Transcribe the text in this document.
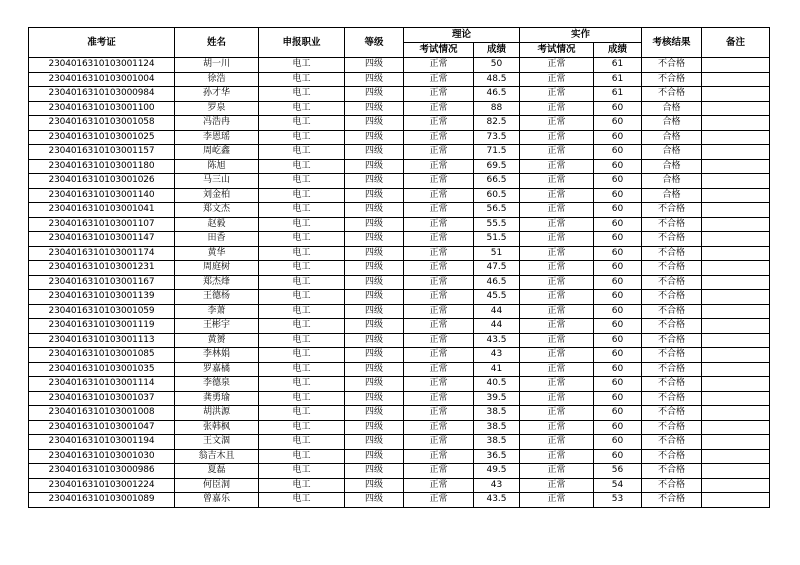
准考证	姓名	申报职业	等级	理论		实作		考核结果	备注
				考试情况	成绩	考试情况	成绩		
2304016310103001124	胡一川	电工	四级	正常	50	正常	61	不合格	
2304016310103001004	徐浩	电工	四级	正常	48.5	正常	61	不合格	
2304016310103000984	孙才华	电工	四级	正常	46.5	正常	61	不合格	
2304016310103001100	罗泉	电工	四级	正常	88	正常	60	合格	
2304016310103001058	冯浩冉	电工	四级	正常	82.5	正常	60	合格	
2304016310103001025	李恩瑶	电工	四级	正常	73.5	正常	60	合格	
2304016310103001157	周屹鑫	电工	四级	正常	71.5	正常	60	合格	
2304016310103001180	陈旭	电工	四级	正常	69.5	正常	60	合格	
2304016310103001026	马三山	电工	四级	正常	66.5	正常	60	合格	
2304016310103001140	刘金柏	电工	四级	正常	60.5	正常	60	合格	
2304016310103001041	郑文杰	电工	四级	正常	56.5	正常	60	不合格	
2304016310103001107	赵毅	电工	四级	正常	55.5	正常	60	不合格	
2304016310103001147	田香	电工	四级	正常	51.5	正常	60	不合格	
2304016310103001174	黄华	电工	四级	正常	51	正常	60	不合格	
2304016310103001231	周庭树	电工	四级	正常	47.5	正常	60	不合格	
2304016310103001167	郑杰烽	电工	四级	正常	46.5	正常	60	不合格	
2304016310103001139	王德杨	电工	四级	正常	45.5	正常	60	不合格	
2304016310103001059	李萧	电工	四级	正常	44	正常	60	不合格	
2304016310103001119	王彬宇	电工	四级	正常	44	正常	60	不合格	
2304016310103001113	黄赟	电工	四级	正常	43.5	正常	60	不合格	
2304016310103001085	李林娟	电工	四级	正常	43	正常	60	不合格	
2304016310103001035	罗嘉橘	电工	四级	正常	41	正常	60	不合格	
2304016310103001114	李德泉	电工	四级	正常	40.5	正常	60	不合格	
2304016310103001037	龚勇瑜	电工	四级	正常	39.5	正常	60	不合格	
2304016310103001008	胡洪源	电工	四级	正常	38.5	正常	60	不合格	
2304016310103001047	张韩枫	电工	四级	正常	38.5	正常	60	不合格	
2304016310103001194	王文涸	电工	四级	正常	38.5	正常	60	不合格	
2304016310103001030	翁吉木且	电工	四级	正常	36.5	正常	60	不合格	
2304016310103000986	夏磊	电工	四级	正常	49.5	正常	56	不合格	
2304016310103001224	何臣洞	电工	四级	正常	43	正常	54	不合格	
2304016310103001089	曾嘉乐	电工	四级	正常	43.5	正常	53	不合格	
